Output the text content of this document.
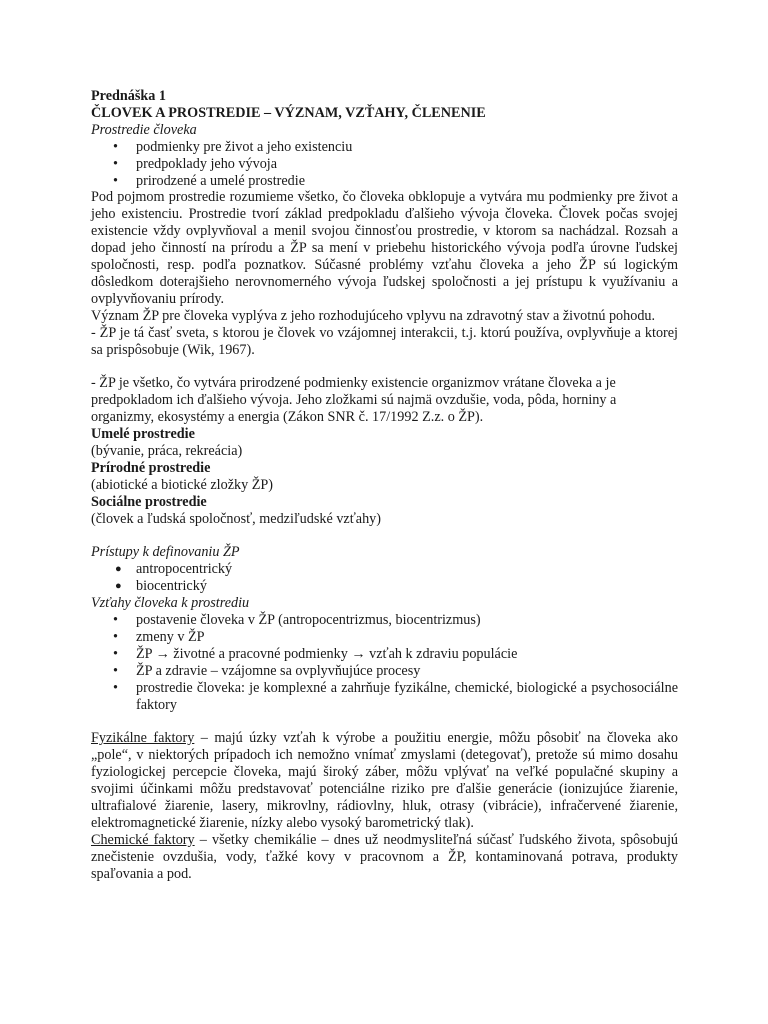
Prednáška 1

ČLOVEK A PROSTREDIE – VÝZNAM, VZŤAHY, ČLENENIE

Prostredie človeka

• podmienky pre život a jeho existenciu
• predpoklady jeho vývoja
• prirodzené a umelé prostredie

Pod pojmom prostredie rozumieme všetko, čo človeka obklopuje a vytvára mu podmienky pre život a jeho existenciu. Prostredie tvorí základ predpokladu ďalšieho vývoja človeka. Človek počas svojej existencie vždy ovplyvňoval a menil svojou činnosťou prostredie, v ktorom sa nachádzal. Rozsah a dopad jeho činností na prírodu a ŽP sa mení v priebehu historického vývoja podľa úrovne ľudskej spoločnosti, resp. podľa poznatkov. Súčasné problémy vzťahu človeka a jeho ŽP sú logickým dôsledkom doterajšieho nerovnomerného vývoja ľudskej spoločnosti a jej prístupu k využívaniu a ovplyvňovaniu prírody.

Význam ŽP pre človeka vyplýva z jeho rozhodujúceho vplyvu na zdravotný stav a životnú pohodu.

- ŽP je tá časť sveta, s ktorou je človek vo vzájomnej interakcii, t.j. ktorú používa, ovplyvňuje a ktorej sa prispôsobuje (Wik, 1967).

- ŽP je všetko, čo vytvára prirodzené podmienky existencie organizmov vrátane človeka a je predpokladom ich ďalšieho vývoja. Jeho zložkami sú najmä ovzdušie, voda, pôda, horniny a organizmy, ekosystémy a energia (Zákon SNR č. 17/1992 Z.z. o ŽP).

Umelé prostredie

(bývanie, práca, rekreácia)

Prírodné prostredie

(abiotické a biotické zložky ŽP)

Sociálne prostredie

(človek a ľudská spoločnosť, medziľudské vzťahy)

Prístupy k definovaniu ŽP

● antropocentrický
● biocentrický

Vzťahy človeka k prostrediu

• postavenie človeka v ŽP (antropocentrizmus, biocentrizmus)
• zmeny v ŽP
• ŽP → životné a pracovné podmienky → vzťah k zdraviu populácie
• ŽP a zdravie – vzájomne sa ovplyvňujúce procesy
• prostredie človeka: je komplexné a zahrňuje fyzikálne, chemické, biologické a psychosociálne faktory

Fyzikálne faktory – majú úzky vzťah k výrobe a použitiu energie, môžu pôsobiť na človeka ako „pole“, v niektorých prípadoch ich nemožno vnímať zmyslami (detegovať), pretože sú mimo dosahu fyziologickej percepcie človeka, majú široký záber, môžu vplývať na veľké populačné skupiny a svojimi účinkami môžu predstavovať potenciálne riziko pre ďalšie generácie (ionizujúce žiarenie, ultrafialové žiarenie, lasery, mikrovlny, rádiovlny, hluk, otrasy (vibrácie), infračervené žiarenie, elektromagnetické žiarenie, nízky alebo vysoký barometrický tlak).

Chemické faktory – všetky chemikálie – dnes už neodmysliteľná súčasť ľudského života, spôsobujú znečistenie ovzdušia, vody, ťažké kovy v pracovnom a ŽP, kontaminovaná potrava, produkty spaľovania a pod.
